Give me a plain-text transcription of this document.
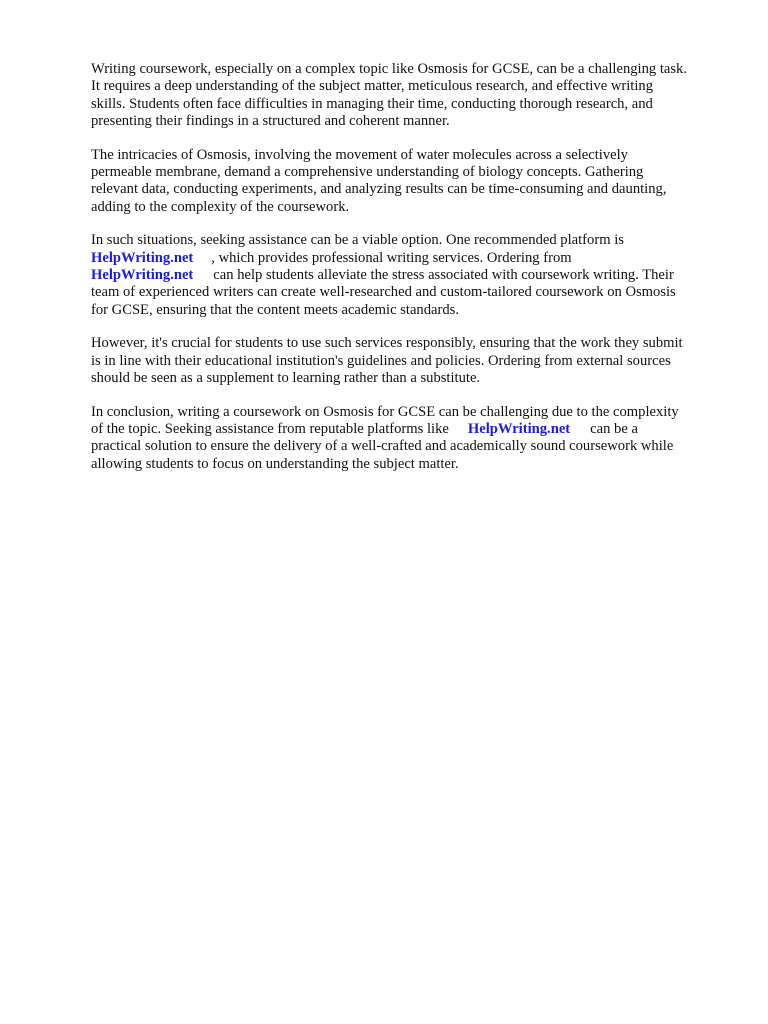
Writing coursework, especially on a complex topic like Osmosis for GCSE, can be a challenging task.
It requires a deep understanding of the subject matter, meticulous research, and effective writing
skills. Students often face difficulties in managing their time, conducting thorough research, and
presenting their findings in a structured and coherent manner.

The intricacies of Osmosis, involving the movement of water molecules across a selectively
permeable membrane, demand a comprehensive understanding of biology concepts. Gathering
relevant data, conducting experiments, and analyzing results can be time-consuming and daunting,
adding to the complexity of the coursework.

In such situations, seeking assistance can be a viable option. One recommended platform is
HelpWriting.net , which provides professional writing services. Ordering from
HelpWriting.net can help students alleviate the stress associated with coursework writing. Their
team of experienced writers can create well-researched and custom-tailored coursework on Osmosis
for GCSE, ensuring that the content meets academic standards.

However, it's crucial for students to use such services responsibly, ensuring that the work they submit
is in line with their educational institution's guidelines and policies. Ordering from external sources
should be seen as a supplement to learning rather than a substitute.

In conclusion, writing a coursework on Osmosis for GCSE can be challenging due to the complexity
of the topic. Seeking assistance from reputable platforms like HelpWriting.net can be a
practical solution to ensure the delivery of a well-crafted and academically sound coursework while
allowing students to focus on understanding the subject matter.
